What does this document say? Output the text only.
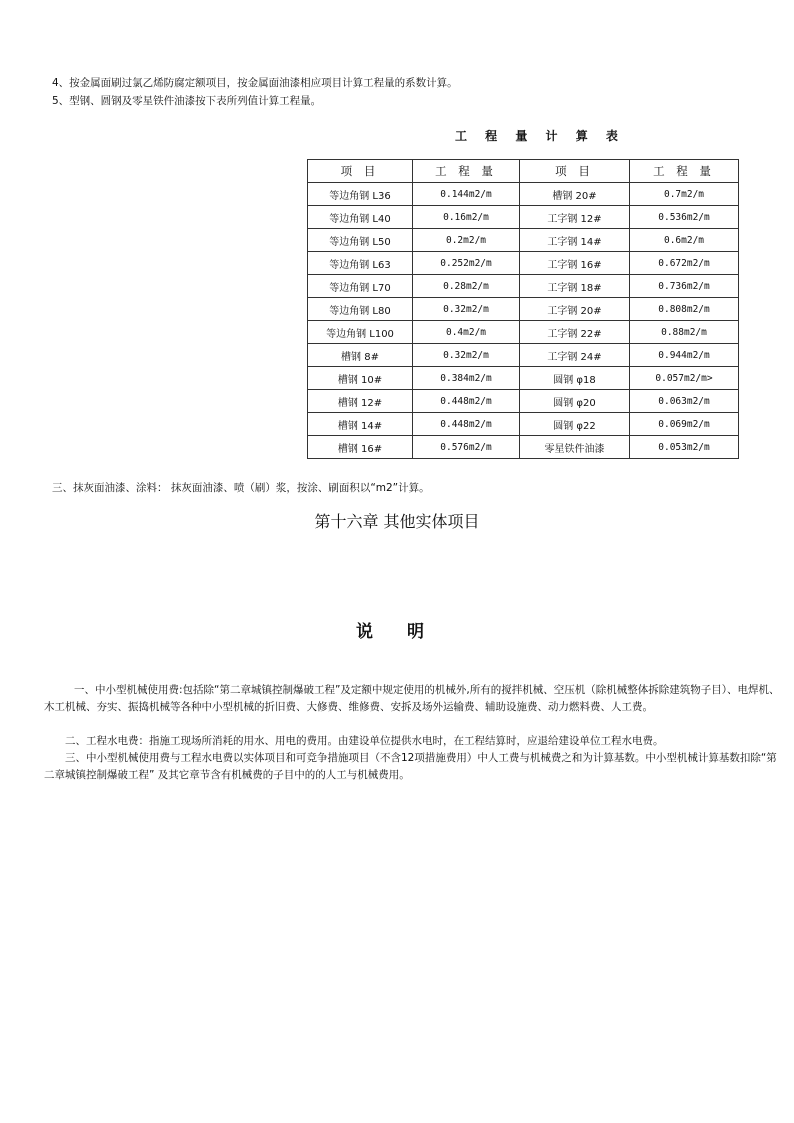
4、按金属面刷过氯乙烯防腐定额项目，按金属面油漆相应项目计算工程量的系数计算。
5、型钢、圆钢及零星铁件油漆按下表所列值计算工程量。
工 程 量 计 算 表
项 目	工 程 量	项 目	工 程 量
等边角钢 L36	0.144m2/m	槽钢 20#	0.7m2/m
等边角钢 L40	0.16m2/m	工字钢 12#	0.536m2/m
等边角钢 L50	0.2m2/m	工字钢 14#	0.6m2/m
等边角钢 L63	0.252m2/m	工字钢 16#	0.672m2/m
等边角钢 L70	0.28m2/m	工字钢 18#	0.736m2/m
等边角钢 L80	0.32m2/m	工字钢 20#	0.808m2/m
等边角钢 L100	0.4m2/m	工字钢 22#	0.88m2/m
槽钢 8#	0.32m2/m	工字钢 24#	0.944m2/m
槽钢 10#	0.384m2/m	圆钢 φ18	0.057m2/m>
槽钢 12#	0.448m2/m	圆钢 φ20	0.063m2/m
槽钢 14#	0.448m2/m	圆钢 φ22	0.069m2/m
槽钢 16#	0.576m2/m	零星铁件油漆	0.053m2/m
三、抹灰面油漆、涂料： 抹灰面油漆、喷（刷）浆，按涂、刷面积以“m2”计算。
第十六章 其他实体项目
说 明

一、中小型机械使用费:包括除“第二章城镇控制爆破工程”及定额中规定使用的机械外,所有的搅拌机械、空压机（除机械整体拆除建筑物子目）、电焊机、木工机械、夯实、振捣机械等各种中小型机械的折旧费、大修费、维修费、安拆及场外运输费、辅助设施费、动力燃料费、人工费。

二、工程水电费：指施工现场所消耗的用水、用电的费用。由建设单位提供水电时，在工程结算时，应退给建设单位工程水电费。

三、中小型机械使用费与工程水电费以实体项目和可竞争措施项目（不含12项措施费用）中人工费与机械费之和为计算基数。中小型机械计算基数扣除“第二章城镇控制爆破工程” 及其它章节含有机械费的子目中的的人工与机械费用。
